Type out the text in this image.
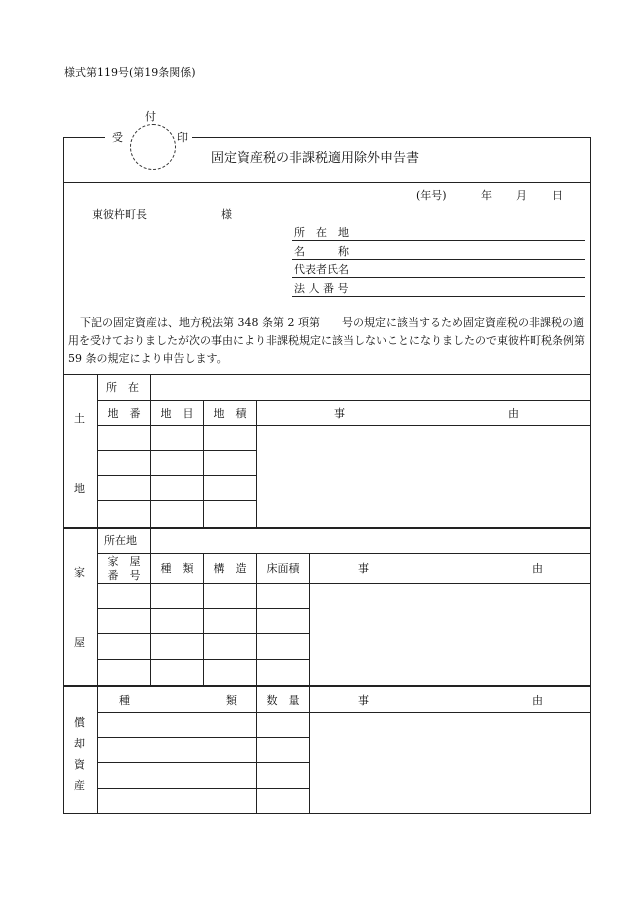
様式第119号(第19条関係)
付
受	印
固定資産税の非課税適用除外申告書
(年号)	年 月 日
東彼杵町長	様
所　在　地
名　　　称
代表者氏名
法 人 番 号
下記の固定資産は、地方税法第 348 条第 2 項第　　号の規定に該当するため固定資産税の非課税の適用を受けておりましたが次の事由により非課税規定に該当しないことになりましたので東彼杵町税条例第 59 条の規定により申告します。
土
地
所　在
地　番	地　目	地　積	事	由
家
屋
所在地
家　屋
番　号
種　類	構　造	床面積	事	由
償
却
資
産
種	類	数　量	事	由
